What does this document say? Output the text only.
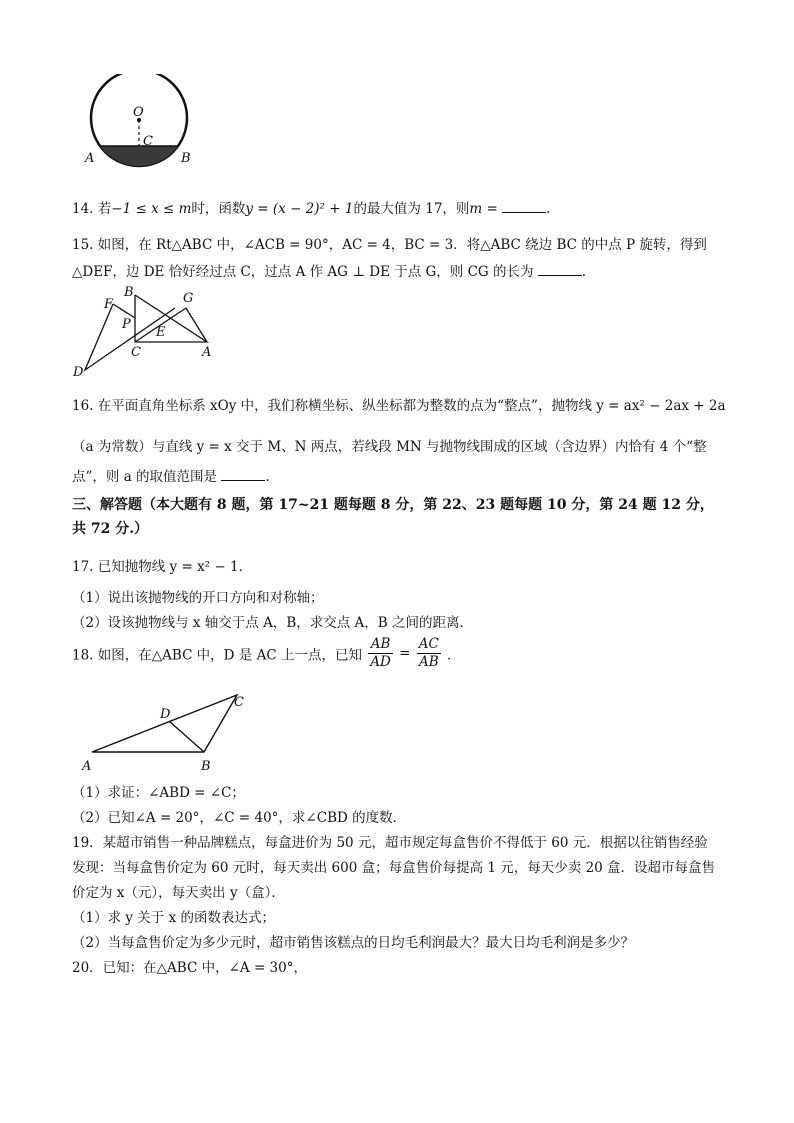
O
C
A	B
14. 若−1 ≤ x ≤ m时，函数y = (x − 2)² + 1的最大值为 17，则m =	.
15. 如图，在 Rt△ABC 中，∠ACB = 90°，AC = 4，BC = 3．将△ABC 绕边 BC 的中点 P 旋转，得到
△DEF，边 DE 恰好经过点 C，过点 A 作 AG ⊥ DE 于点 G，则 CG 的长为	.
B	G
F
P
E
C	A
D
16. 在平面直角坐标系 xOy 中，我们称横坐标、纵坐标都为整数的点为“整点”，抛物线 y = ax² − 2ax + 2a
（a 为常数）与直线 y = x 交于 M、N 两点，若线段 MN 与抛物线围成的区域（含边界）内恰有 4 个“整
点”，则 a 的取值范围是	.
三、解答题（本大题有 8 题，第 17~21 题每题 8 分，第 22、23 题每题 10 分，第 24 题 12 分，
共 72 分.）
17. 已知抛物线 y = x² − 1．
（1）说出该抛物线的开口方向和对称轴；
（2）设该抛物线与 x 轴交于点 A，B，求交点 A，B 之间的距离．
18. 如图，在△ABC 中，D 是 AC 上一点，已知 $\frac{AB}{AD} = \frac{AC}{AB}$ ．
C
D
A	B
（1）求证：∠ABD = ∠C；
（2）已知∠A = 20°，∠C = 40°，求∠CBD 的度数．
19．某超市销售一种品牌糕点，每盒进价为 50 元，超市规定每盒售价不得低于 60 元．根据以往销售经验
发现：当每盒售价定为 60 元时，每天卖出 600 盒；每盒售价每提高 1 元，每天少卖 20 盒．设超市每盒售
价定为 x（元），每天卖出 y（盒）．
（1）求 y 关于 x 的函数表达式；
（2）当每盒售价定为多少元时，超市销售该糕点的日均毛利润最大？最大日均毛利润是多少？
20．已知：在△ABC 中，∠A = 30°，
